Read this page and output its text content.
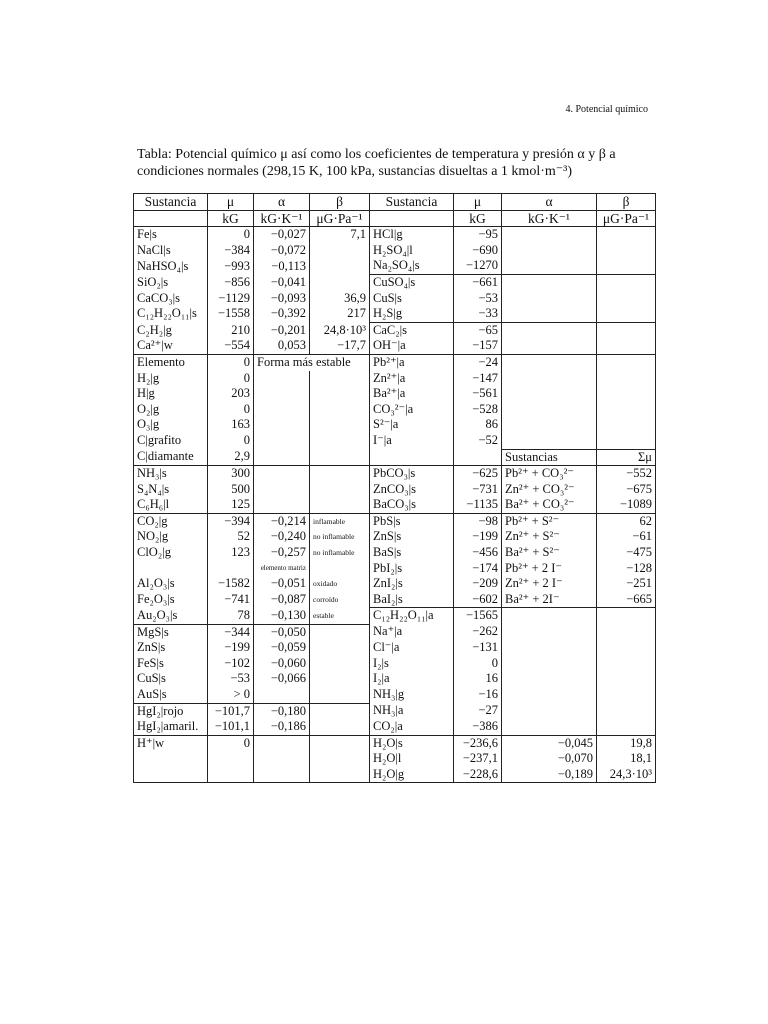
4. Potencial químico
Tabla: Potencial químico μ así como los coeficientes de temperatura y presión α y β a condiciones normales (298,15 K, 100 kPa, sustancias disueltas a 1 kmol·m⁻³)
Sustancia	μ	α	β	Sustancia	μ	α	β
	kG	kG·K⁻¹	μG·Pa⁻¹		kG	kG·K⁻¹	μG·Pa⁻¹
Fe|s	0	−0,027	7,1	HCl|g	−95		
NaCl|s	−384	−0,072		H₂SO₄|l	−690		
NaHSO₄|s	−993	−0,113		Na₂SO₄|s	−1270		
SiO₂|s	−856	−0,041		CuSO₄|s	−661		
CaCO₃|s	−1129	−0,093	36,9	CuS|s	−53		
C₁₂H₂₂O₁₁|s	−1558	−0,392	217	H₂S|g	−33		
C₂H₂|g	210	−0,201	24,8·10³	CaC₂|s	−65		
Ca²⁺|w	−554	0,053	−17,7	OH⁻|a	−157		
Elemento	0	Forma más estable		Pb²⁺|a	−24		
H₂|g	0			Zn²⁺|a	−147		
H|g	203			Ba²⁺|a	−561		
O₂|g	0			CO₃²⁻|a	−528		
O₃|g	163			S²⁻|a	86		
C|grafito	0			I⁻|a	−52		
C|diamante	2,9					Sustancias	Σμ
NH₃|s	300			PbCO₃|s	−625	Pb²⁺ + CO₃²⁻	−552
S₄N₄|s	500			ZnCO₃|s	−731	Zn²⁺ + CO₃²⁻	−675
C₆H₆|l	125			BaCO₃|s	−1135	Ba²⁺ + CO₃²⁻	−1089
CO₂|g	−394	−0,214	inflamable	PbS|s	−98	Pb²⁺ + S²⁻	62
NO₂|g	52	−0,240	no inflamable	ZnS|s	−199	Zn²⁺ + S²⁻	−61
ClO₂|g	123	−0,257	no inflamable	BaS|s	−456	Ba²⁺ + S²⁻	−475
		elemento matriz		PbI₂|s	−174	Pb²⁺ + 2 I⁻	−128
Al₂O₃|s	−1582	−0,051	oxidado	ZnI₂|s	−209	Zn²⁺ + 2 I⁻	−251
Fe₂O₃|s	−741	−0,087	corroído	BaI₂|s	−602	Ba²⁺ + 2I⁻	−665
Au₂O₃|s	78	−0,130	estable	C₁₂H₂₂O₁₁|a	−1565		
MgS|s	−344	−0,050		Na⁺|a	−262		
ZnS|s	−199	−0,059		Cl⁻|a	−131		
FeS|s	−102	−0,060		I₂|s	0		
CuS|s	−53	−0,066		I₂|a	16		
AuS|s	> 0			NH₃|g	−16		
HgI₂|rojo	−101,7	−0,180		NH₃|a	−27		
HgI₂|amaril.	−101,1	−0,186		CO₂|a	−386		
H⁺|w	0			H₂O|s	−236,6	−0,045	19,8
				H₂O|l	−237,1	−0,070	18,1
				H₂O|g	−228,6	−0,189	24,3·10³
